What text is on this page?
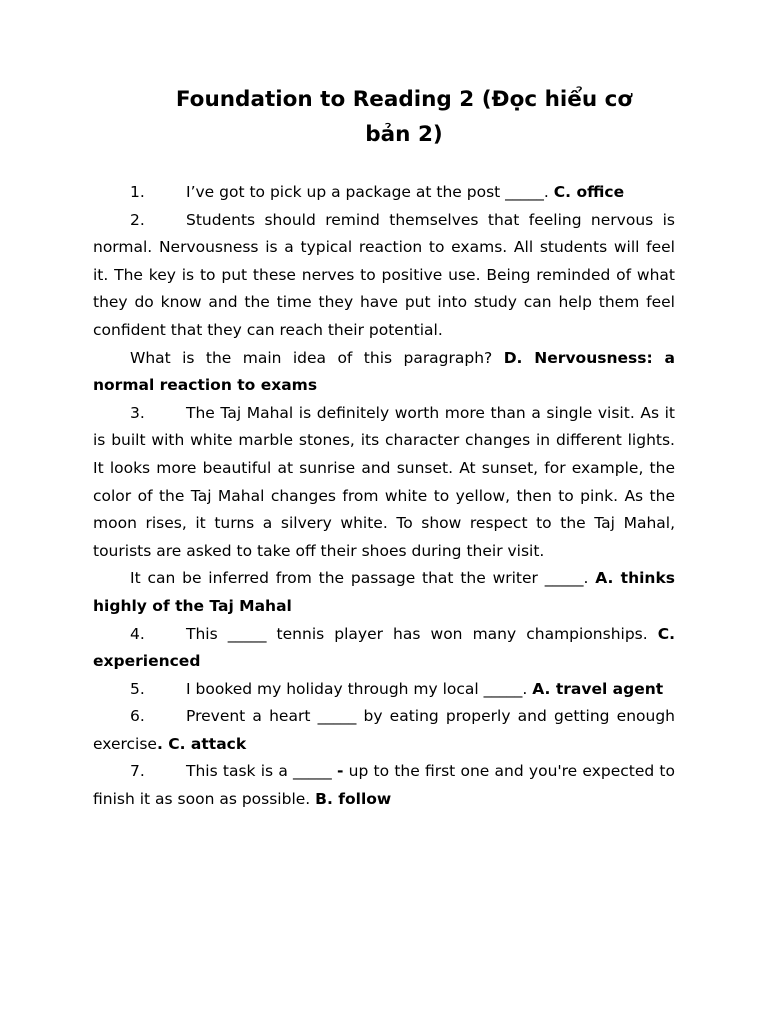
Foundation to Reading 2 (Đọc hiểu cơ
bản 2)

1.	I’ve got to pick up a package at the post _____. C. office

2.	Students should remind themselves that feeling nervous is normal. Nervousness is a typical reaction to exams. All students will feel it. The key is to put these nerves to positive use. Being reminded of what they do know and the time they have put into study can help them feel confident that they can reach their potential.

What is the main idea of this paragraph? D. Nervousness: a normal reaction to exams

3.	The Taj Mahal is definitely worth more than a single visit. As it is built with white marble stones, its character changes in different lights. It looks more beautiful at sunrise and sunset. At sunset, for example, the color of the Taj Mahal changes from white to yellow, then to pink. As the moon rises, it turns a silvery white. To show respect to the Taj Mahal, tourists are asked to take off their shoes during their visit.

It can be inferred from the passage that the writer _____. A. thinks highly of the Taj Mahal

4.	This _____ tennis player has won many championships. C. experienced

5.	I booked my holiday through my local _____. A. travel agent

6.	Prevent a heart _____ by eating properly and getting enough exercise. C. attack

7.	This task is a _____ - up to the first one and you're expected to finish it as soon as possible. B. follow
